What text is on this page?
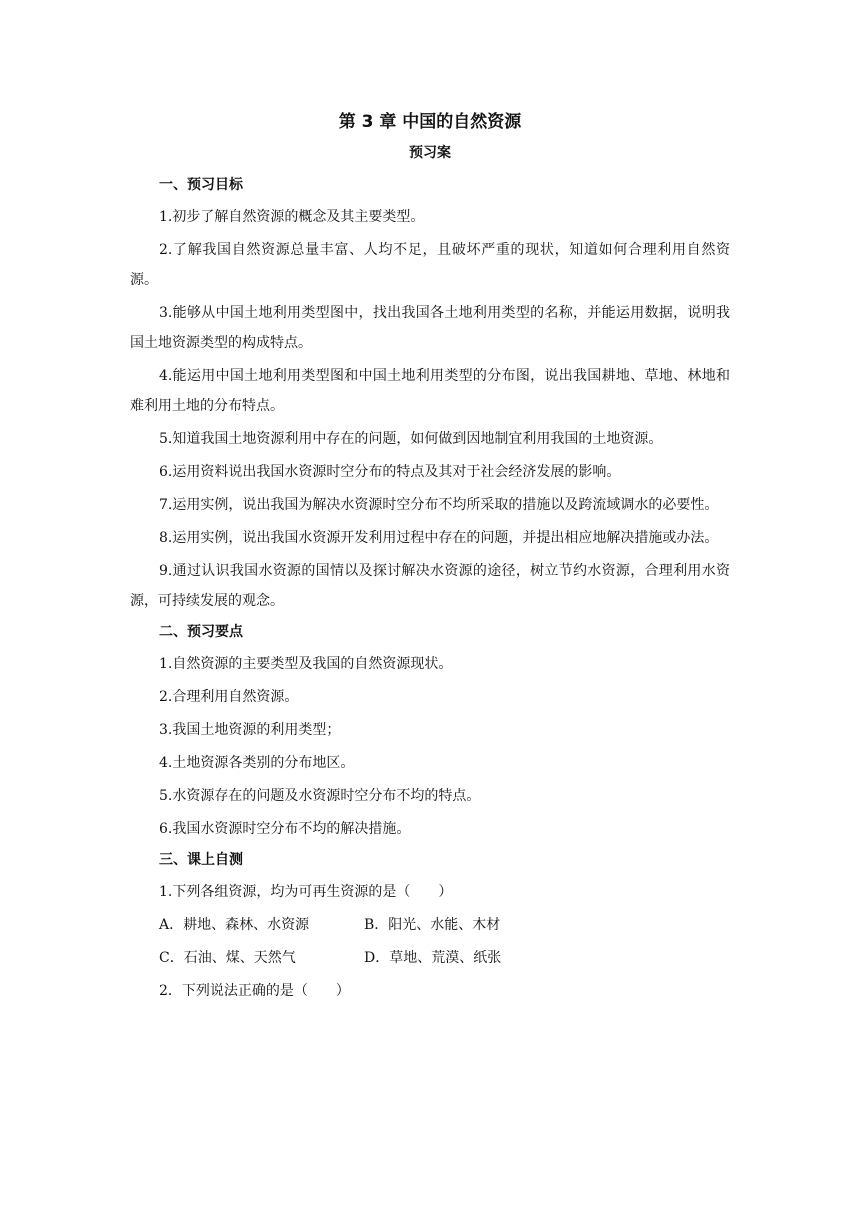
第 3 章 中国的自然资源
预习案
一、预习目标

1.初步了解自然资源的概念及其主要类型。

2.了解我国自然资源总量丰富、人均不足，且破坏严重的现状，知道如何合理利用自然资源。

3.能够从中国土地利用类型图中，找出我国各土地利用类型的名称，并能运用数据，说明我国土地资源类型的构成特点。

4.能运用中国土地利用类型图和中国土地利用类型的分布图，说出我国耕地、草地、林地和难利用土地的分布特点。

5.知道我国土地资源利用中存在的问题，如何做到因地制宜利用我国的土地资源。

6.运用资料说出我国水资源时空分布的特点及其对于社会经济发展的影响。

7.运用实例，说出我国为解决水资源时空分布不均所采取的措施以及跨流域调水的必要性。

8.运用实例，说出我国水资源开发利用过程中存在的问题，并提出相应地解决措施或办法。

9.通过认识我国水资源的国情以及探讨解决水资源的途径，树立节约水资源，合理利用水资源，可持续发展的观念。

二、预习要点

1.自然资源的主要类型及我国的自然资源现状。

2.合理利用自然资源。

3.我国土地资源的利用类型；

4.土地资源各类别的分布地区。

5.水资源存在的问题及水资源时空分布不均的特点。

6.我国水资源时空分布不均的解决措施。

三、课上自测

1.下列各组资源，均为可再生资源的是（　　）

A．耕地、森林、水资源	B．阳光、水能、木材
C．石油、煤、天然气	D．草地、荒漠、纸张

2．下列说法正确的是（　　）
